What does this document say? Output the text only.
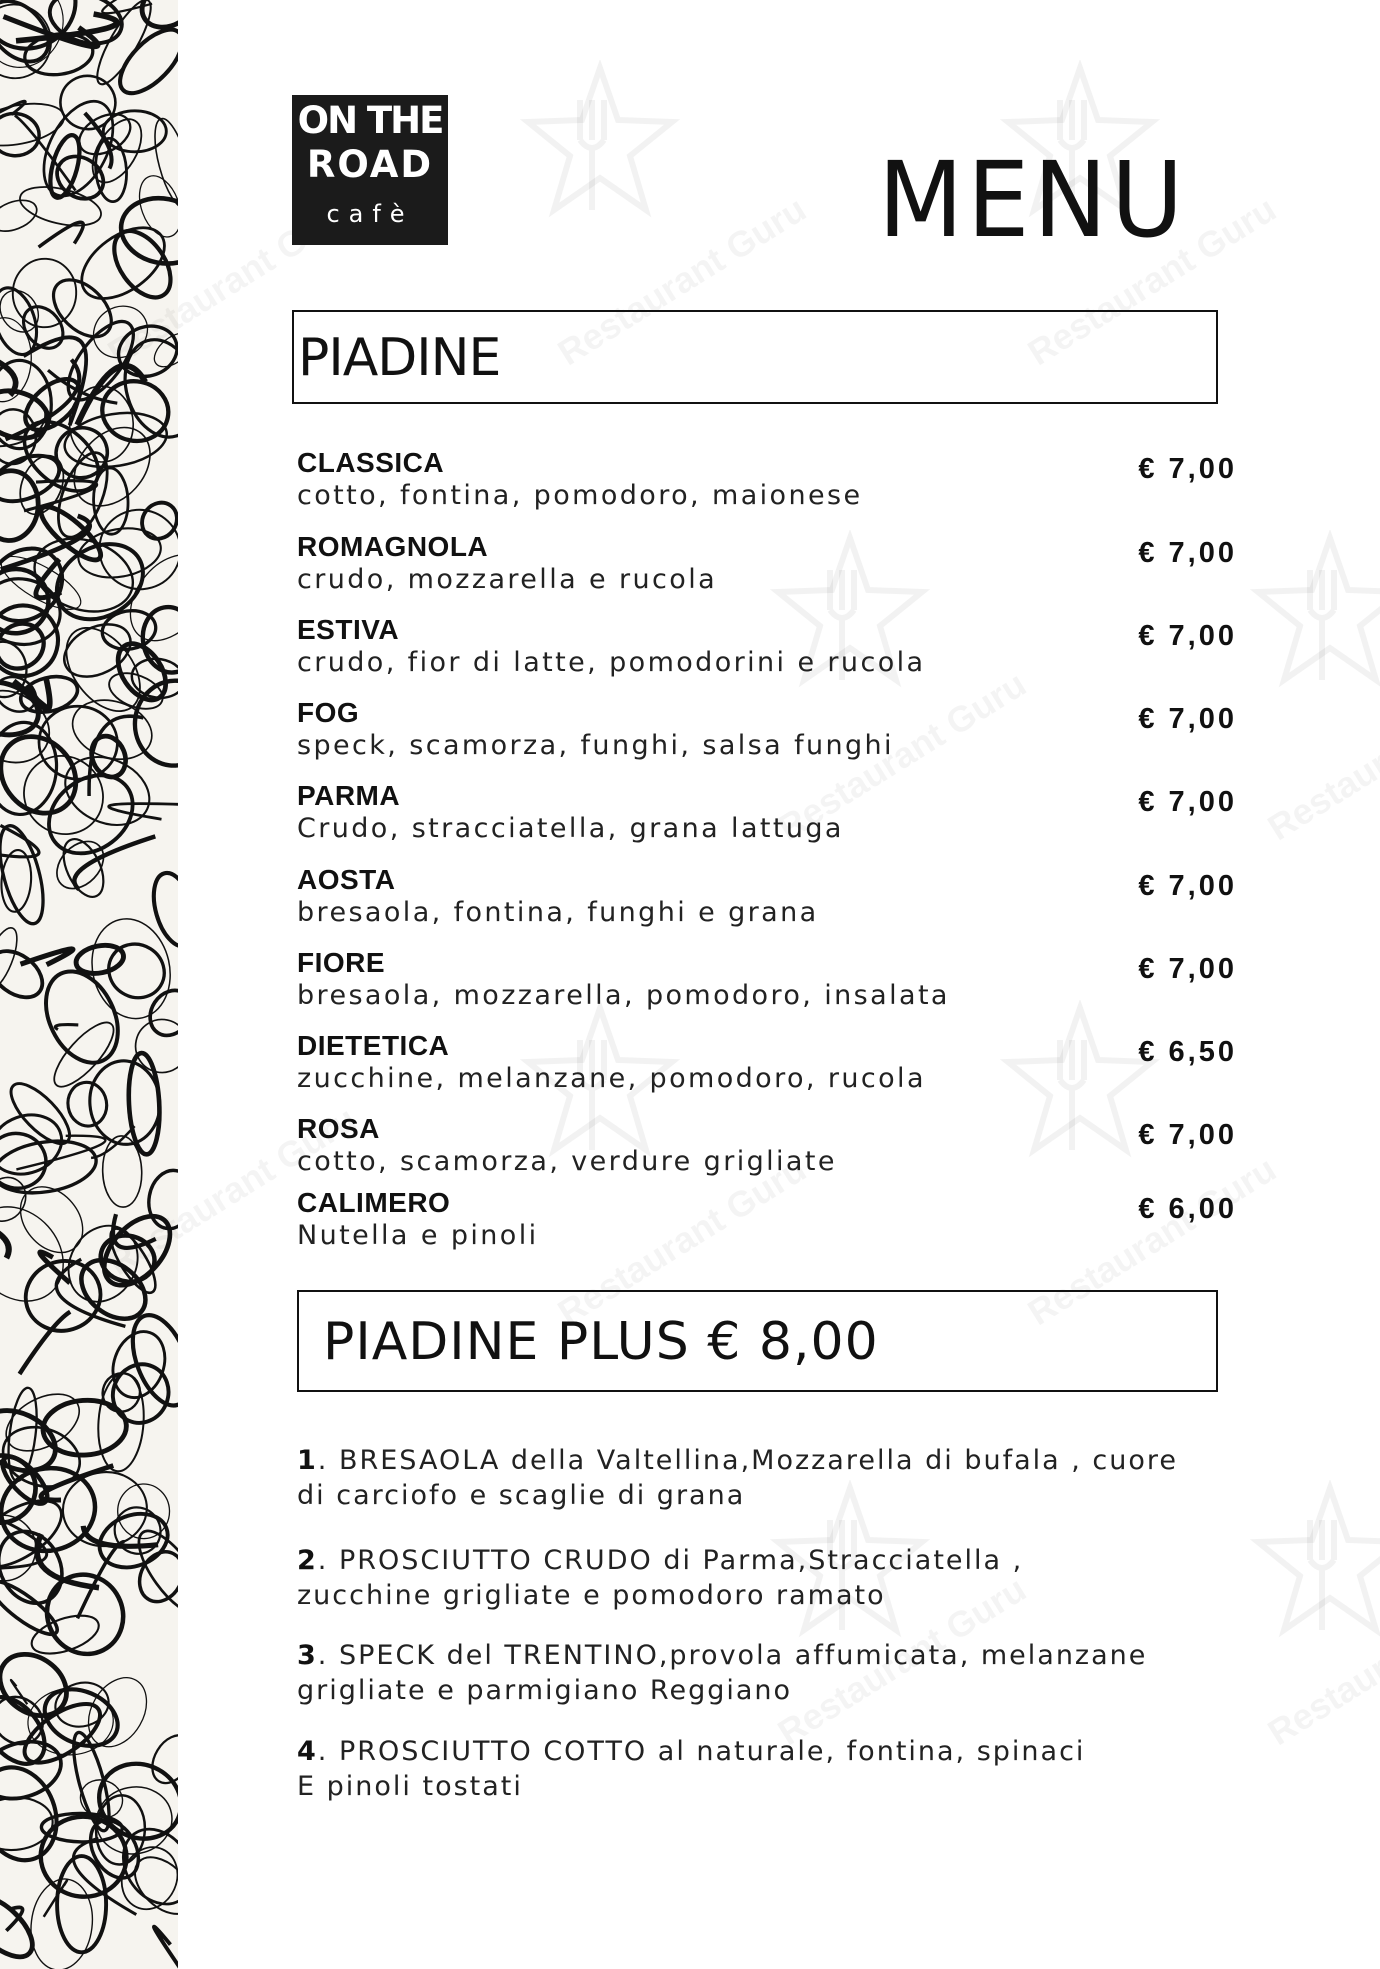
ON THE
ROAD
cafè	MENU
PIADINE
CLASSICA
cotto, fontina, pomodoro, maionese
€ 7,00
ROMAGNOLA
crudo, mozzarella e rucola
€ 7,00
ESTIVA
crudo, fior di latte, pomodorini e rucola
€ 7,00
FOG
speck, scamorza, funghi, salsa funghi
€ 7,00
PARMA
Crudo, stracciatella, grana lattuga
€ 7,00
AOSTA
bresaola, fontina, funghi e grana
€ 7,00
FIORE
bresaola, mozzarella, pomodoro, insalata
€ 7,00
DIETETICA
zucchine, melanzane, pomodoro, rucola
€ 6,50
ROSA
cotto, scamorza, verdure grigliate
€ 7,00
CALIMERO
Nutella e pinoli
€ 6,00
PIADINE PLUS € 8,00
1. BRESAOLA della Valtellina,Mozzarella di bufala , cuore
di carciofo e scaglie di grana
2. PROSCIUTTO CRUDO di Parma,Stracciatella ,
zucchine grigliate e pomodoro ramato
3. SPECK del TRENTINO,provola affumicata, melanzane
grigliate e parmigiano Reggiano
4. PROSCIUTTO COTTO al naturale, fontina, spinaci
E pinoli tostati
